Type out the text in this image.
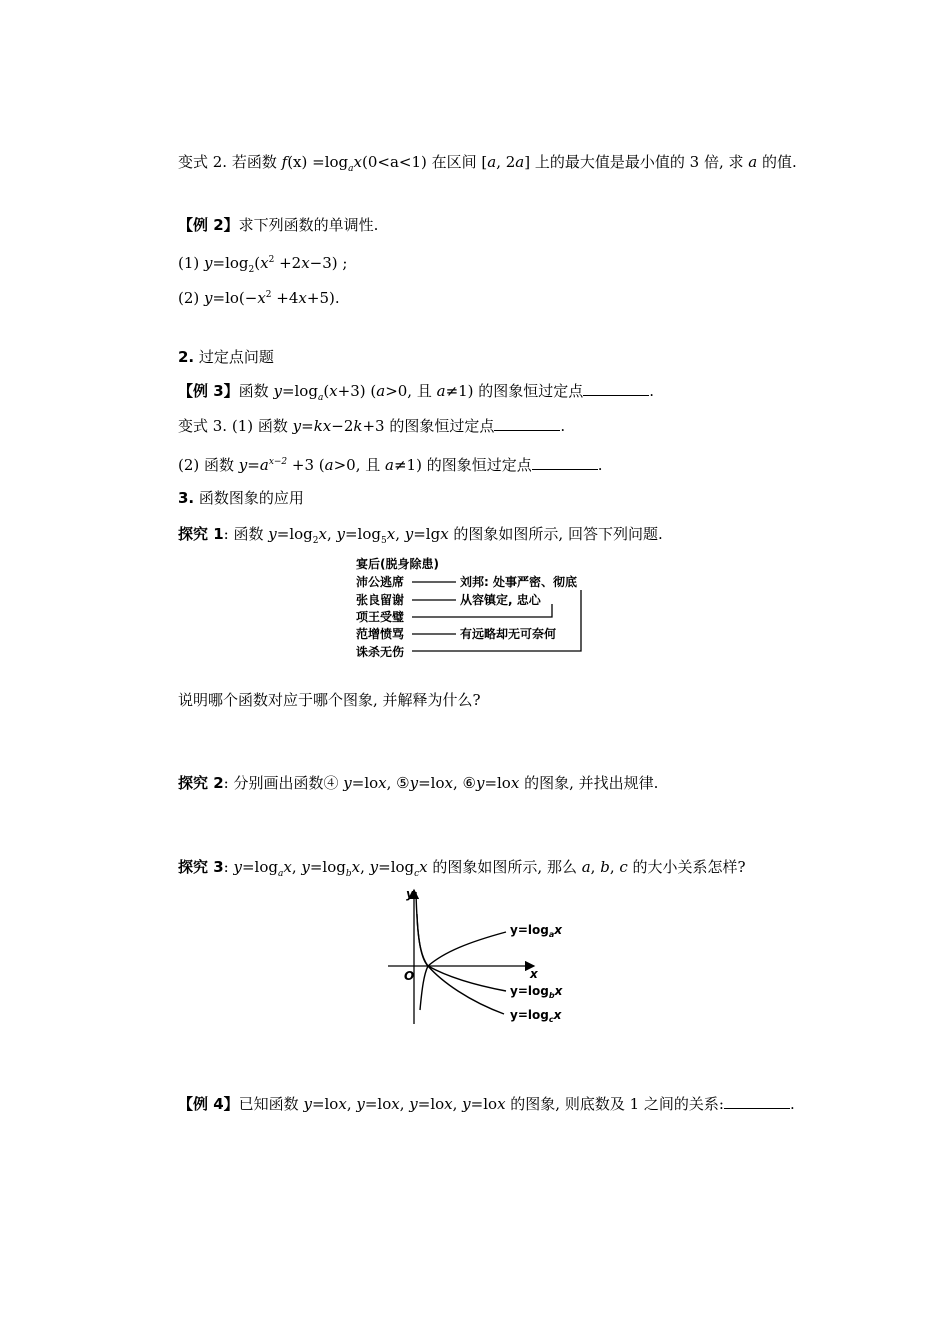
变式 2. 若函数 $f(x) =\log_ax(0<a<1)$ 在区间 [a, 2a] 上的最大值是最小值的 3 倍, 求 a 的值.
【例 2】求下列函数的单调性.
(1) $y=\log_2(x^2 +2x-3)$ ;
(2) $y=lo(-x^2 +4x+5)$.
2. 过定点问题
【例 3】函数 $y=\log_a(x+3)$ (a>0, 且 a≠1) 的图象恒过定点	.
变式 3. (1) 函数 y=kx−2k+3 的图象恒过定点	.
(2) 函数 $y=a^{x-2} +3$ (a>0, 且 a≠1) 的图象恒过定点	.
3. 函数图象的应用
探究 1: 函数 $y=\log_2x$, $y=\log_5x$, y=lgx 的图象如图所示, 回答下列问题.
宴后(脱身除患)
沛公逃席
张良留谢
项王受璧
范增愤骂
诛杀无伤
刘邦: 处事严密、彻底
从容镇定, 忠心
有远略却无可奈何
说明哪个函数对应于哪个图象, 并解释为什么?
探究 2: 分别画出函数④ y=lox, ⑤y=lox, ⑥y=lox 的图象, 并找出规律.
探究 3: $y=\log_ax$, $y=\log_bx$, $y=\log_cx$ 的图象如图所示, 那么 a, b, c 的大小关系怎样?
y
x
O
$y=\log_ax$
$y=\log_bx$
$y=\log_cx$
【例 4】已知函数 y=lox, y=lox, y=lox, y=lox 的图象, 则底数及 1 之间的关系:	.
